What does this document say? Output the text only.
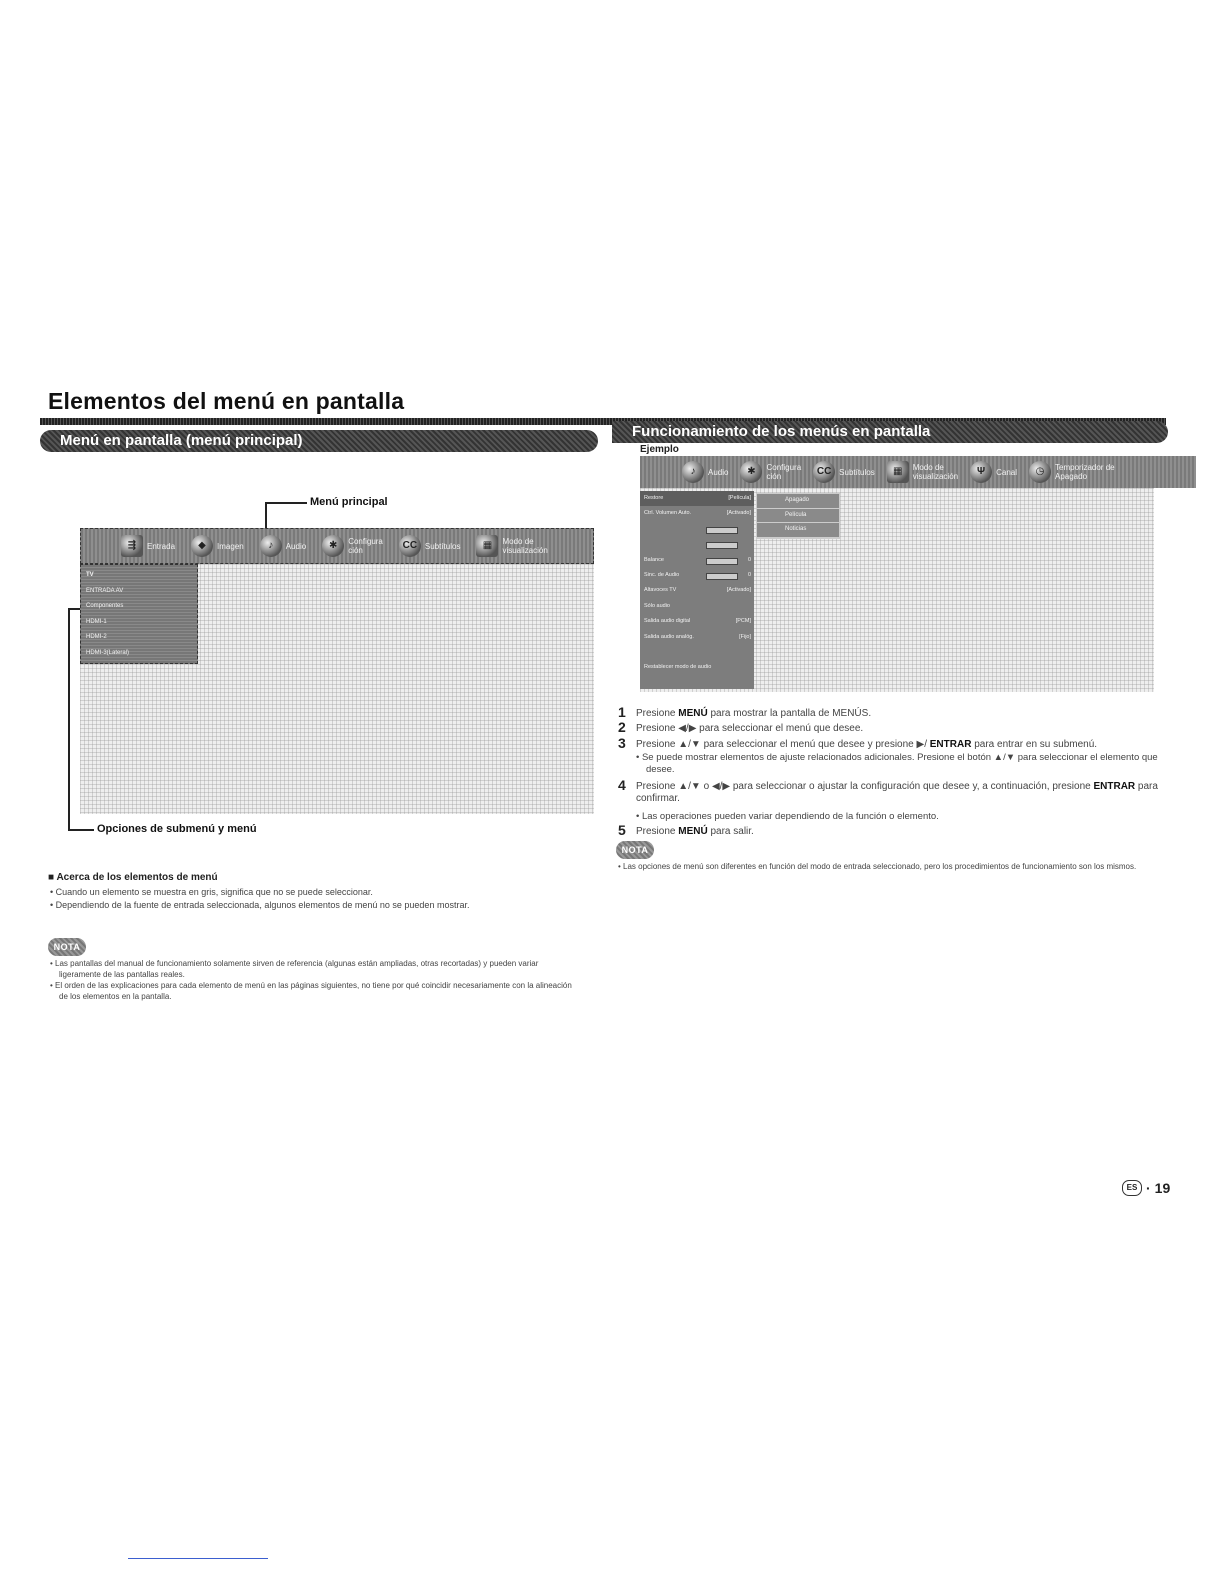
Elementos del menú en pantalla
Menú en pantalla (menú principal)
Menú principal
⇶	Entrada	◆	Imagen	♪	Audio	✱	Configura
ción	CC Subtítulos	▦	Modo de
visualización
TV
ENTRADA AV
Componentes
HDMI-1
HDMI-2
HDMI-3(Lateral)
Opciones de submenú y menú
■ Acerca de los elementos de menú
• Cuando un elemento se muestra en gris, significa que no se puede seleccionar.
• Dependiendo de la fuente de entrada seleccionada, algunos elementos de menú no se pueden mostrar.
NOTA
• Las pantallas del manual de funcionamiento solamente sirven de referencia (algunas están ampliadas, otras recortadas) y pueden variar ligeramente de las pantallas reales.
• El orden de las explicaciones para cada elemento de menú en las páginas siguientes, no tiene por qué coincidir necesariamente con la alineación de los elementos en la pantalla.
Funcionamiento de los menús en pantalla
Ejemplo
♪	Audio	✱	Configura
ción	CC Subtítulos	▦	Modo de
visualización	Ψ	Canal	◷	Temporizador de
Apagado
Restore	[Película]
Ctrl. Volumen Auto.	[Activado]
Balance	0
Sinc. de Audio	0
Altavoces TV	[Activado]
Sólo audio
Salida audio digital	[PCM]
Salida audio analóg.	[Fijo]
Restablecer modo de audio
Apagado
Película
Noticias
1 Presione MENÚ para mostrar la pantalla de MENÚS.
2 Presione ◀/▶ para seleccionar el menú que desee.
3 Presione ▲/▼ para seleccionar el menú que desee y presione ▶/ ENTRAR para entrar en su submenú.
• Se puede mostrar elementos de ajuste relacionados adicionales. Presione el botón ▲/▼ para seleccionar el elemento que desee.
4 Presione ▲/▼ o ◀/▶ para seleccionar o ajustar la configuración que desee y, a continuación, presione ENTRAR para confirmar.
• Las operaciones pueden variar dependiendo de la función o elemento.
5 Presione MENÚ para salir.
NOTA
• Las opciones de menú son diferentes en función del modo de entrada seleccionado, pero los procedimientos de funcionamiento son los mismos.
ES · 19
